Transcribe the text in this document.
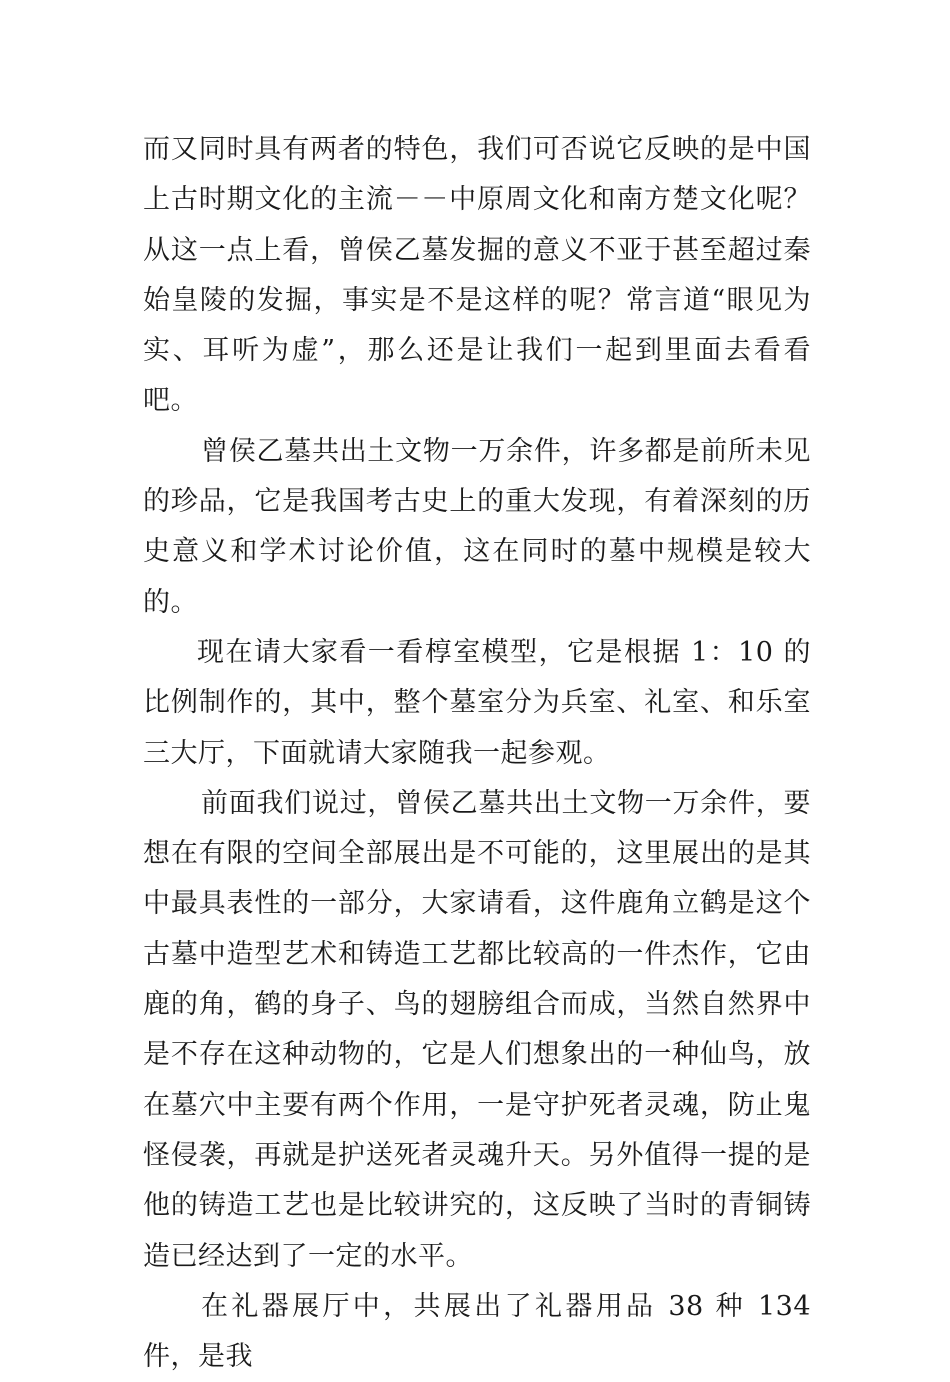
而又同时具有两者的特色，我们可否说它反映的是中国上古时期文化的主流－－中原周文化和南方楚文化呢？从这一点上看，曾侯乙墓发掘的意义不亚于甚至超过秦始皇陵的发掘，事实是不是这样的呢？常言道“眼见为实、耳听为虚”，那么还是让我们一起到里面去看看吧。

曾侯乙墓共出土文物一万余件，许多都是前所未见的珍品，它是我国考古史上的重大发现，有着深刻的历史意义和学术讨论价值，这在同时的墓中规模是较大的。

现在请大家看一看椁室模型，它是根据 1：10 的比例制作的，其中，整个墓室分为兵室、礼室、和乐室三大厅，下面就请大家随我一起参观。

前面我们说过，曾侯乙墓共出土文物一万余件，要想在有限的空间全部展出是不可能的，这里展出的是其中最具表性的一部分，大家请看，这件鹿角立鹤是这个古墓中造型艺术和铸造工艺都比较高的一件杰作，它由鹿的角，鹤的身子、鸟的翅膀组合而成，当然自然界中是不存在这种动物的，它是人们想象出的一种仙鸟，放在墓穴中主要有两个作用，一是守护死者灵魂，防止鬼怪侵袭，再就是护送死者灵魂升天。另外值得一提的是他的铸造工艺也是比较讲究的，这反映了当时的青铜铸造已经达到了一定的水平。

在礼器展厅中，共展出了礼器用品 38 种 134 件，是我
